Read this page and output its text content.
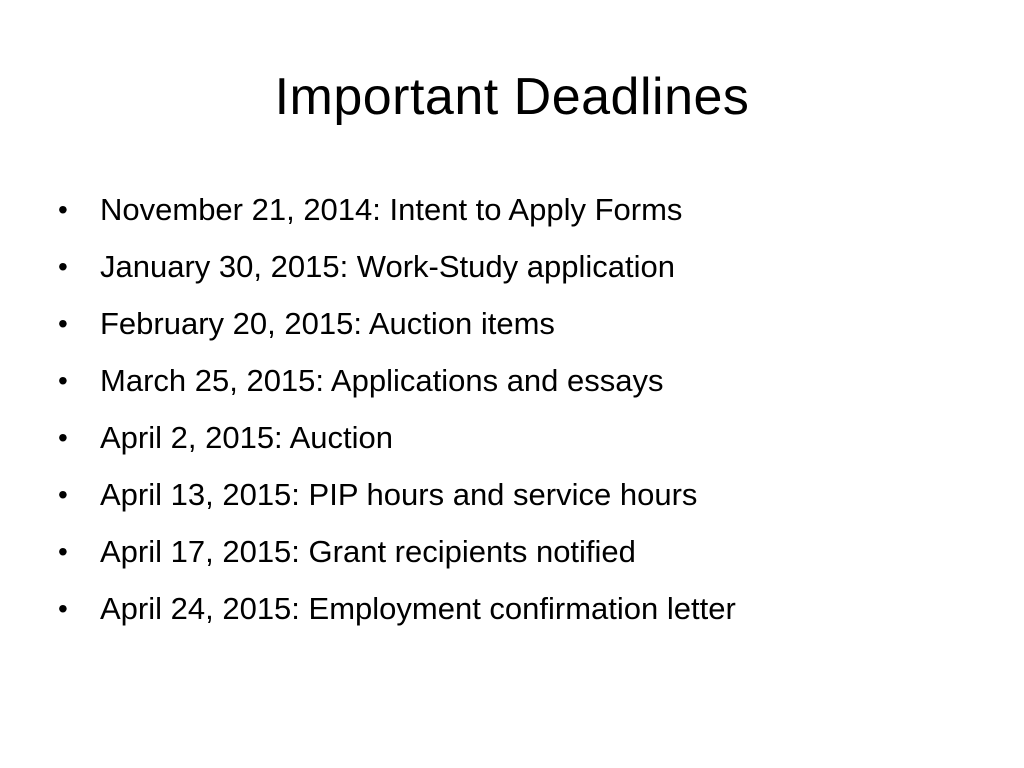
Important Deadlines
•	November 21, 2014: Intent to Apply Forms
•	January 30, 2015: Work-Study application
•	February 20, 2015: Auction items
•	March 25, 2015: Applications and essays
•	April 2, 2015: Auction
•	April 13, 2015: PIP hours and service hours
•	April 17, 2015: Grant recipients notified
•	April 24, 2015: Employment confirmation letter
